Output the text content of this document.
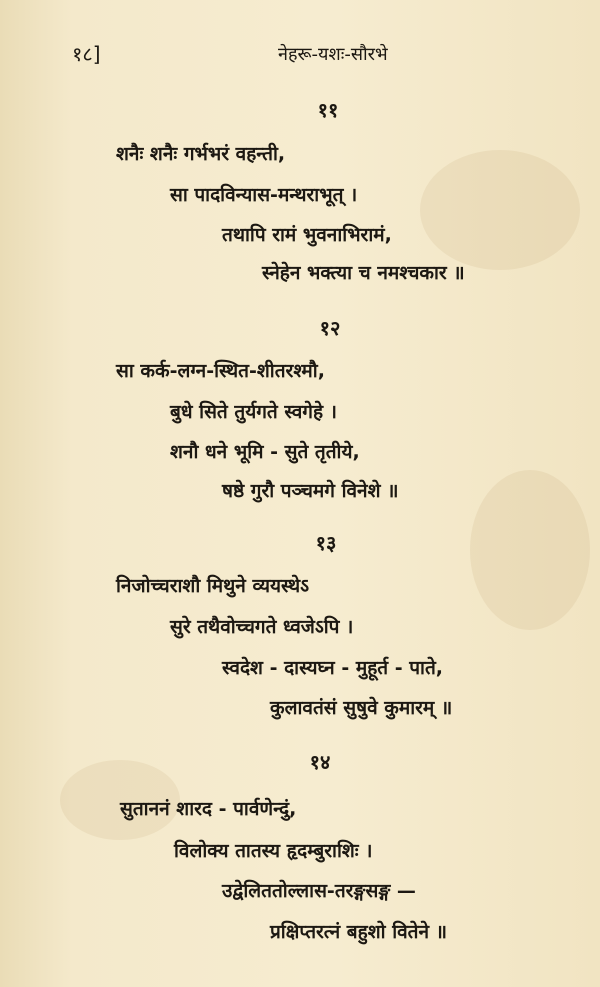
१८]	नेहरू-यशः-सौरभे
११
शनैः शनैः गर्भभरं वहन्ती,
सा पादविन्यास-मन्थराभूत् ।
तथापि रामं भुवनाभिरामं,
स्नेहेन भक्त्या च नमश्चकार ॥
१२
सा कर्क-लग्न-स्थित-शीतरश्मौ,
बुधे सिते तुर्यगते स्वगेहे ।
शनौ धने भूमि - सुते तृतीये,
षष्ठे गुरौ पञ्चमगे विनेशे ॥
१३
निजोच्चराशौ मिथुने व्ययस्थेऽ
सुरे तथैवोच्चगते ध्वजेऽपि ।
स्वदेश - दास्यघ्न - मुहूर्त - पाते,
कुलावतंसं सुषुवे कुमारम् ॥
१४
सुताननं शारद - पार्वणेन्दुं,
विलोक्य तातस्य हृदम्बुराशिः ।
उद्वेलिततोल्लास-तरङ्गसङ्ग —
प्रक्षिप्तरत्नं बहुशो वितेने ॥
